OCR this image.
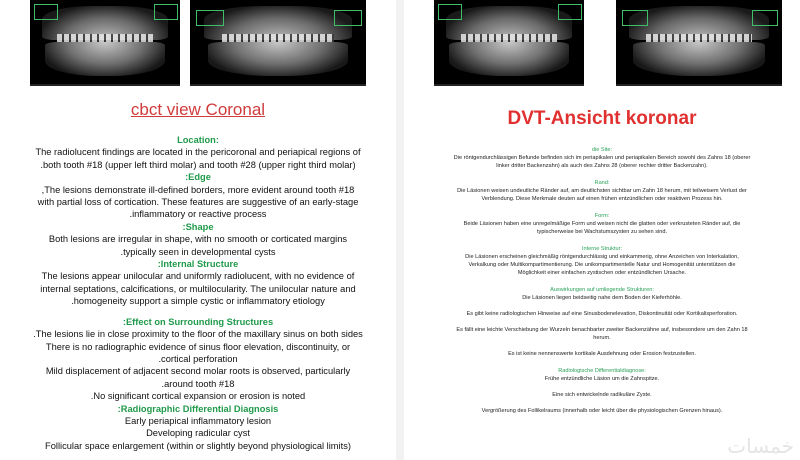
cbct view Coronal

Location:

The radiolucent findings are located in the pericoronal and periapical regions of

.both tooth #18 (upper left third molar) and tooth #28 (upper right third molar)

:Edge

,The lesions demonstrate ill-defined borders, more evident around tooth #18

with partial loss of cortication. These features are suggestive of an early-stage

.inflammatory or reactive process

:Shape

Both lesions are irregular in shape, with no smooth or corticated margins

.typically seen in developmental cysts

:Internal Structure

The lesions appear unilocular and uniformly radiolucent, with no evidence of

internal septations, calcifications, or multilocularity. The unilocular nature and

.homogeneity support a simple cystic or inflammatory etiology

:Effect on Surrounding Structures

.The lesions lie in close proximity to the floor of the maxillary sinus on both sides

There is no radiographic evidence of sinus floor elevation, discontinuity, or

.cortical perforation

Mild displacement of adjacent second molar roots is observed, particularly

.around tooth #18

.No significant cortical expansion or erosion is noted

:Radiographic Differential Diagnosis

Early periapical inflammatory lesion

Developing radicular cyst

Follicular space enlargement (within or slightly beyond physiological limits)

DVT-Ansicht koronar

die Site:

Die röntgendurchlässigen Befunde befinden sich im periapikalen und periapikalen Bereich sowohl des Zahns 18 (oberer

linker dritter Backenzahn) als auch des Zahns 28 (oberer rechter dritter Backenzahn).

Rand:

Die Läsionen weisen undeutliche Ränder auf, am deutlichsten sichtbar um Zahn 18 herum, mit teilweisem Verlust der

Verblendung. Diese Merkmale deuten auf einen frühen entzündlichen oder reaktiven Prozess hin.

Form:

Beide Läsionen haben eine unregelmäßige Form und weisen nicht die glatten oder verkrusteten Ränder auf, die

typischerweise bei Wachstumszysten zu sehen sind.

Interne Struktur:

Die Läsionen erscheinen gleichmäßig röntgendurchlässig und einkammerig, ohne Anzeichen von Interkalation,

Verkalkung oder Multikompartimentierung. Die unikompartimentelle Natur und Homogenität unterstützen die

Möglichkeit einer einfachen zystischen oder entzündlichen Ursache.

Auswirkungen auf umliegende Strukturen:

Die Läsionen liegen beidseitig nahe dem Boden der Kieferhöhle.

Es gibt keine radiologischen Hinweise auf eine Sinusbodenelevation, Diskontinuität oder Kortikalisperforation.

Es fällt eine leichte Verschiebung der Wurzeln benachbarter zweiter Backenzähne auf, insbesondere um den Zahn 18

herum.

Es ist keine nennenswerte kortikale Ausdehnung oder Erosion festzustellen.

Radiologische Differentialdiagnose:

Frühe entzündliche Läsion um die Zahnspitze.

Eine sich entwickelnde radikuläre Zyste.

Vergrößerung des Follikelraums (innerhalb oder leicht über die physiologischen Grenzen hinaus).

خمسات
